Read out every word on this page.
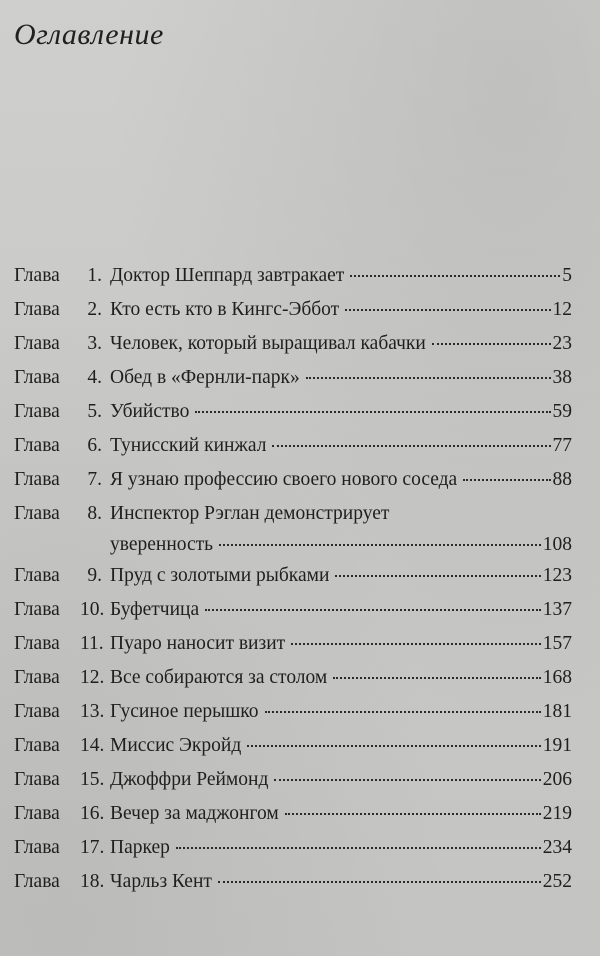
Оглавление
Глава	1. Доктор Шеппард завтракает	5
Глава	2. Кто есть кто в Кингс-Эббот	12
Глава	3. Человек, который выращивал кабачки	23
Глава	4. Обед в «Фернли-парк»	38
Глава	5. Убийство	59
Глава	6. Тунисский кинжал	77
Глава	7. Я узнаю профессию своего нового соседа	88
Глава	8. Инспектор Рэглан демонстрирует
уверенность	108
Глава	9. Пруд с золотыми рыбками	123
Глава	10. Буфетчица	137
Глава	11. Пуаро наносит визит	157
Глава	12. Все собираются за столом	168
Глава	13. Гусиное перышко	181
Глава	14. Миссис Экройд	191
Глава	15. Джоффри Реймонд	206
Глава	16. Вечер за маджонгом	219
Глава	17. Паркер	234
Глава	18. Чарльз Кент	252
